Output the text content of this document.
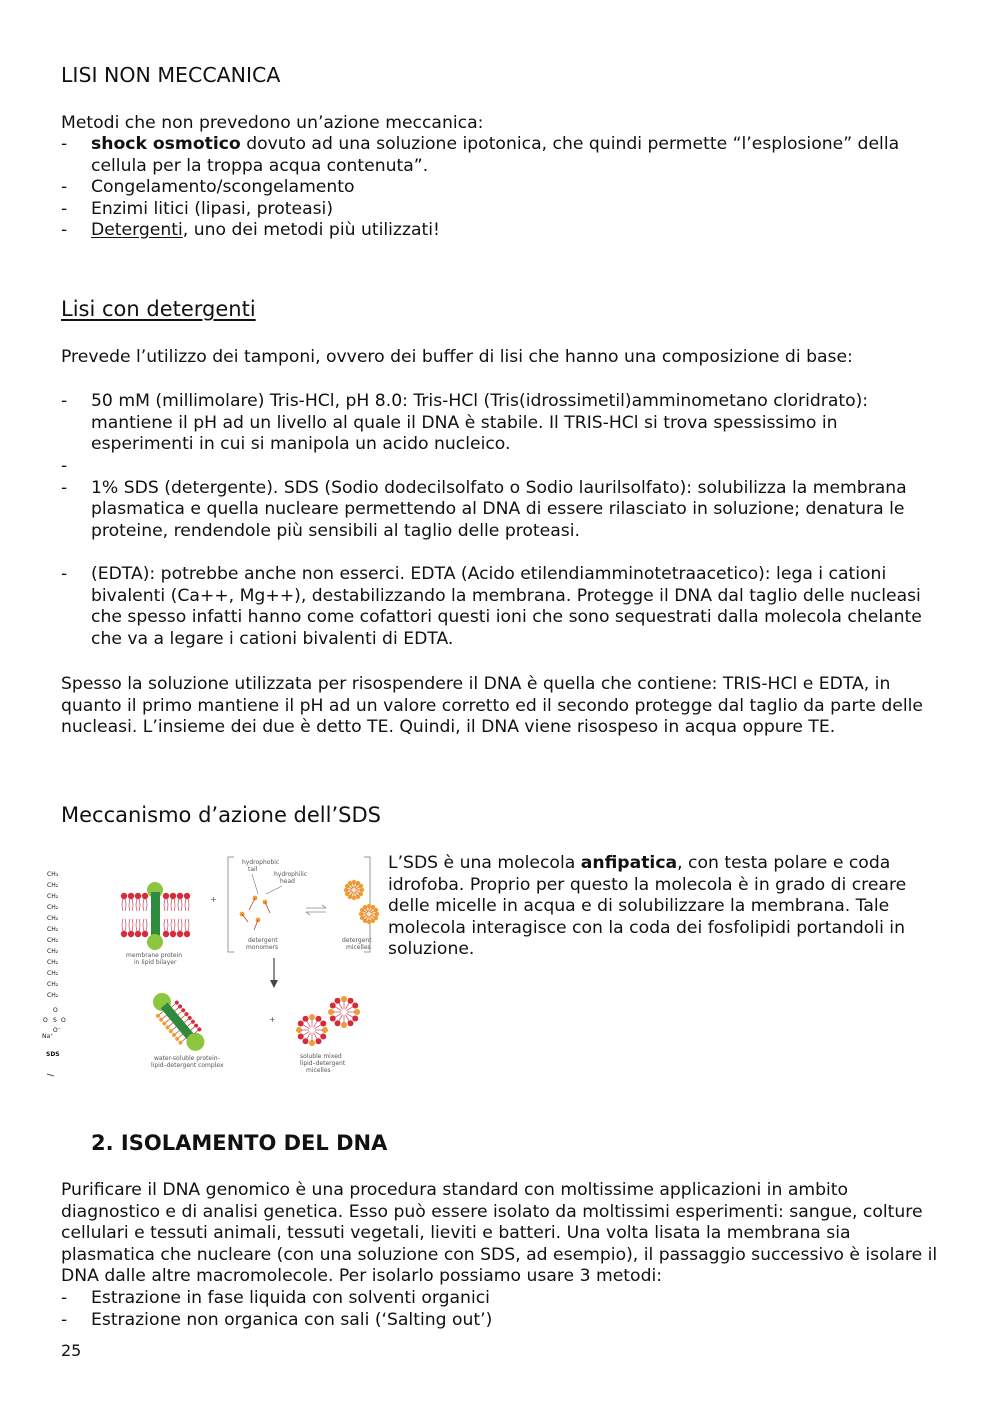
LISI NON MECCANICA

Metodi che non prevedono un’azione meccanica:

- shock osmotico dovuto ad una soluzione ipotonica, che quindi permette “l’esplosione” della cellula per la troppa acqua contenuta”.
- Congelamento/scongelamento
- Enzimi litici (lipasi, proteasi)
- Detergenti, uno dei metodi più utilizzati!
Lisi con detergenti

Prevede l’utilizzo dei tamponi, ovvero dei buffer di lisi che hanno una composizione di base:

- 50 mM (millimolare) Tris-HCl, pH 8.0: Tris-HCl (Tris(idrossimetil)amminometano cloridrato): mantiene il pH ad un livello al quale il DNA è stabile. Il TRIS-HCl si trova spessissimo in esperimenti in cui si manipola un acido nucleico.
-
- 1% SDS (detergente). SDS (Sodio dodecilsolfato o Sodio laurilsolfato): solubilizza la membrana plasmatica e quella nucleare permettendo al DNA di essere rilasciato in soluzione; denatura le proteine, rendendole più sensibili al taglio delle proteasi.
- (EDTA): potrebbe anche non esserci. EDTA (Acido etilendiamminotetraacetico): lega i cationi bivalenti (Ca++, Mg++), destabilizzando la membrana. Protegge il DNA dal taglio delle nucleasi che spesso infatti hanno come cofattori questi ioni che sono sequestrati dalla molecola chelante che va a legare i cationi bivalenti di EDTA.

Spesso la soluzione utilizzata per risospendere il DNA è quella che contiene: TRIS-HCl e EDTA, in quanto il primo mantiene il pH ad un valore corretto ed il secondo protegge dal taglio da parte delle nucleasi. L’insieme dei due è detto TE. Quindi, il DNA viene risospeso in acqua oppure TE.

Meccanismo d’azione dell’SDS
CH₃
CH₂
CH₂
CH₂
CH₂
CH₂
CH₂
CH₂
CH₂
CH₂
CH₂
CH₂
O
O S O
O⁻
Na⁺
SDS
membrane protein
in lipid bilayer
+
hydrophobic
tail
hydrophilic
head
detergent
monomers
detergent
micelles
water-soluble protein–
lipid–detergent complex
+
soluble mixed
lipid–detergent
micelles

L’SDS è una molecola anfipatica, con testa polare e coda idrofoba. Proprio per questo la molecola è in grado di creare delle micelle in acqua e di solubilizzare la membrana. Tale molecola interagisce con la coda dei fosfolipidi portandoli in soluzione.

2. ISOLAMENTO DEL DNA

Purificare il DNA genomico è una procedura standard con moltissime applicazioni in ambito diagnostico e di analisi genetica. Esso può essere isolato da moltissimi esperimenti: sangue, colture cellulari e tessuti animali, tessuti vegetali, lieviti e batteri. Una volta lisata la membrana sia plasmatica che nucleare (con una soluzione con SDS, ad esempio), il passaggio successivo è isolare il DNA dalle altre macromolecole. Per isolarlo possiamo usare 3 metodi:

- Estrazione in fase liquida con solventi organici
- Estrazione non organica con sali (‘Salting out’)
25
